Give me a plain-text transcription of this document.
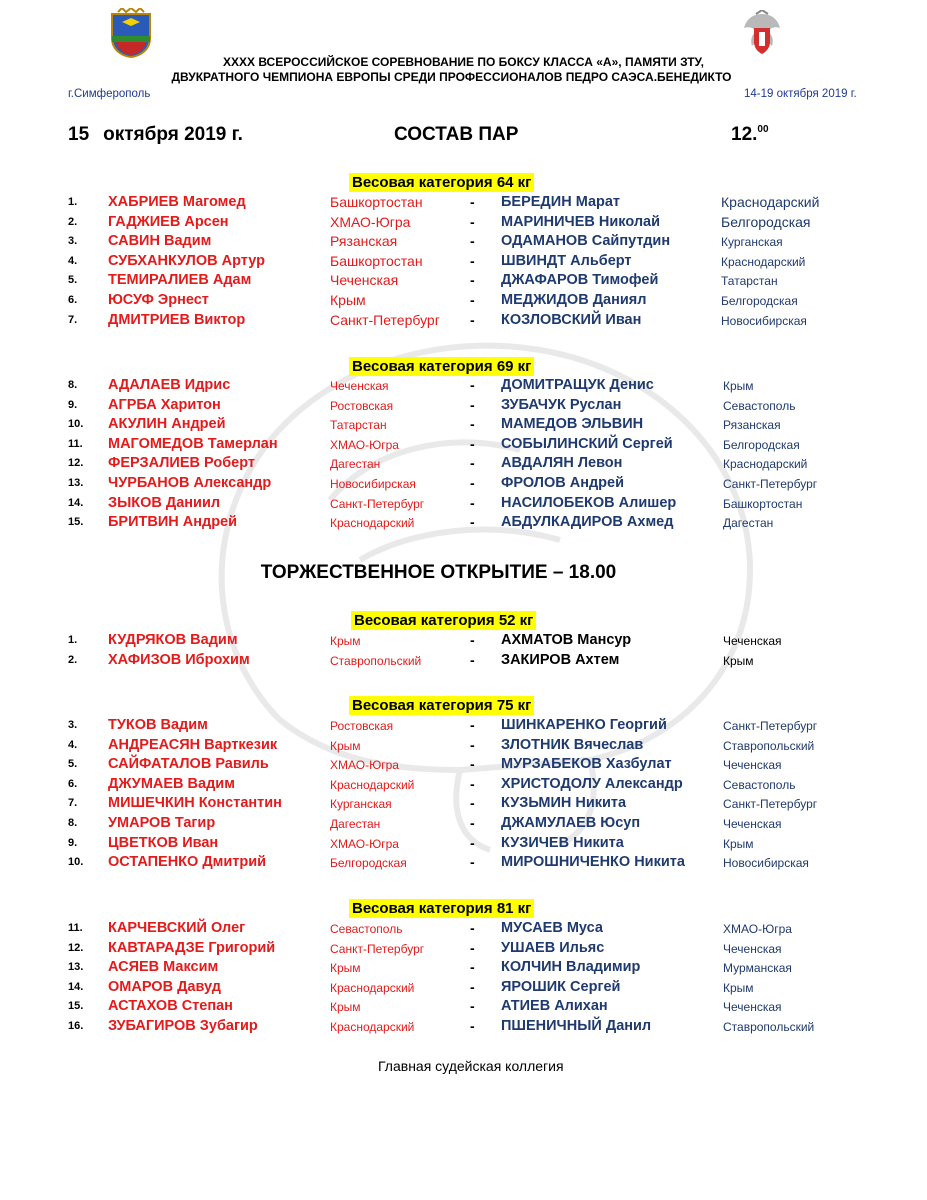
XXXX ВСЕРОССИЙСКОЕ СОРЕВНОВАНИЕ ПО БОКСУ КЛАССА «А», ПАМЯТИ ЗТУ,
ДВУКРАТНОГО ЧЕМПИОНА ЕВРОПЫ СРЕДИ ПРОФЕССИОНАЛОВ ПЕДРО САЭСА.БЕНЕДИКТО
г.Симферополь	14-19 октября 2019 г.
15 октября 2019 г.	СОСТАВ ПАР	12.00
Весовая категория 64 кг
1. ХАБРИЕВ Магомед	Башкортостан	- БЕРЕДИН Марат	Краснодарский
2. ГАДЖИЕВ Арсен	ХМАО-Югра	- МАРИНИЧЕВ Николай	Белгородская
3. САВИН Вадим	Рязанская	- ОДАМАНОВ Сайпутдин	Курганская
4. СУБХАНКУЛОВ Артур	Башкортостан	- ШВИНДТ Альберт	Краснодарский
5. ТЕМИРАЛИЕВ Адам	Чеченская	- ДЖАФАРОВ Тимофей	Татарстан
6. ЮСУФ Эрнест	Крым	- МЕДЖИДОВ Даниял	Белгородская
7. ДМИТРИЕВ Виктор	Санкт-Петербург - КОЗЛОВСКИЙ Иван	Новосибирская
Весовая категория 69 кг
8. АДАЛАЕВ Идрис	Чеченская	- ДОМИТРАЩУК Денис	Крым
9. АГРБА Харитон	Ростовская	- ЗУБАЧУК Руслан	Севастополь
10. АКУЛИН Андрей	Татарстан	- МАМЕДОВ ЭЛЬВИН	Рязанская
11. МАГОМЕДОВ Тамерлан	ХМАО-Югра	- СОБЫЛИНСКИЙ Сергей	Белгородская
12. ФЕРЗАЛИЕВ Роберт	Дагестан	- АВДАЛЯН Левон	Краснодарский
13. ЧУРБАНОВ Александр	Новосибирская	- ФРОЛОВ Андрей	Санкт-Петербург
14. ЗЫКОВ Даниил	Санкт-Петербург	- НАСИЛОБЕКОВ Алишер	Башкортостан
15. БРИТВИН Андрей	Краснодарский	- АБДУЛКАДИРОВ Ахмед	Дагестан
ТОРЖЕСТВЕННОЕ ОТКРЫТИЕ – 18.00
Весовая категория 52 кг
1. КУДРЯКОВ Вадим	Крым	- АХМАТОВ Мансур	Чеченская
2. ХАФИЗОВ Иброхим	Ставропольский	- ЗАКИРОВ Ахтем	Крым
Весовая категория 75 кг
3. ТУКОВ Вадим	Ростовская	- ШИНКАРЕНКО Георгий	Санкт-Петербург
4. АНДРЕАСЯН Варткезик	Крым	- ЗЛОТНИК Вячеслав	Ставропольский
5. САЙФАТАЛОВ Равиль	ХМАО-Югра	- МУРЗАБЕКОВ Хазбулат	Чеченская
6. ДЖУМАЕВ Вадим	Краснодарский	- ХРИСТОДОЛУ Александр	Севастополь
7. МИШЕЧКИН Константин	Курганская	- КУЗЬМИН Никита	Санкт-Петербург
8. УМАРОВ Тагир	Дагестан	- ДЖАМУЛАЕВ Юсуп	Чеченская
9. ЦВЕТКОВ Иван	ХМАО-Югра	- КУЗИЧЕВ Никита	Крым
10. ОСТАПЕНКО Дмитрий	Белгородская	- МИРОШНИЧЕНКО Никита	Новосибирская
Весовая категория 81 кг
11. КАРЧЕВСКИЙ Олег	Севастополь	- МУСАЕВ Муса	ХМАО-Югра
12. КАВТАРАДЗЕ Григорий	Санкт-Петербург	- УШАЕВ Ильяс	Чеченская
13. АСЯЕВ Максим	Крым	- КОЛЧИН Владимир	Мурманская
14. ОМАРОВ Давуд	Краснодарский	- ЯРОШИК Сергей	Крым
15. АСТАХОВ Степан	Крым	- АТИЕВ Алихан	Чеченская
16. ЗУБАГИРОВ Зубагир	Краснодарский	- ПШЕНИЧНЫЙ Данил	Ставропольский
Главная судейская коллегия
